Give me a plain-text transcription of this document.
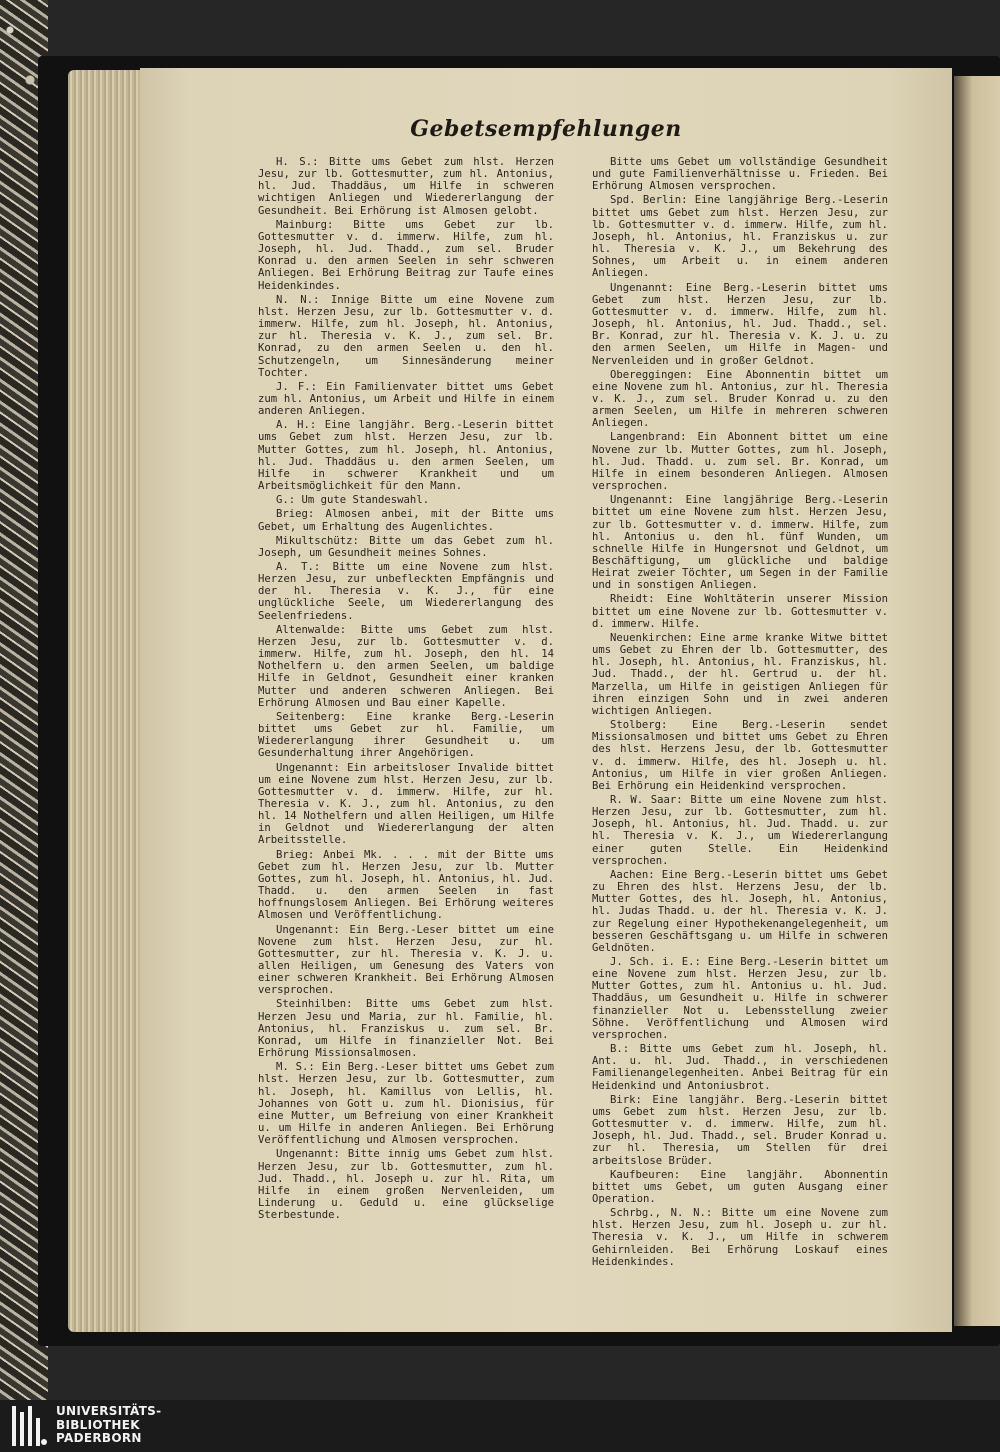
Gebetsempfehlungen

H. S.: Bitte ums Gebet zum hlst. Herzen Jesu, zur lb. Gottesmutter, zum hl. Antonius, hl. Jud. Thaddäus, um Hilfe in schweren wichtigen Anliegen und Wiedererlangung der Gesundheit. Bei Erhörung ist Almosen gelobt.

Mainburg: Bitte ums Gebet zur lb. Gottesmutter v. d. immerw. Hilfe, zum hl. Joseph, hl. Jud. Thadd., zum sel. Bruder Konrad u. den armen Seelen in sehr schweren Anliegen. Bei Erhörung Beitrag zur Taufe eines Heidenkindes.

N. N.: Innige Bitte um eine Novene zum hlst. Herzen Jesu, zur lb. Gottesmutter v. d. immerw. Hilfe, zum hl. Joseph, hl. Antonius, zur hl. Theresia v. K. J., zum sel. Br. Konrad, zu den armen Seelen u. den hl. Schutzengeln, um Sinnesänderung meiner Tochter.

J. F.: Ein Familienvater bittet ums Gebet zum hl. Antonius, um Arbeit und Hilfe in einem anderen Anliegen.

A. H.: Eine langjähr. Berg.-Leserin bittet ums Gebet zum hlst. Herzen Jesu, zur lb. Mutter Gottes, zum hl. Joseph, hl. Antonius, hl. Jud. Thaddäus u. den armen Seelen, um Hilfe in schwerer Krankheit und um Arbeitsmöglichkeit für den Mann.

G.: Um gute Standeswahl.

Brieg: Almosen anbei, mit der Bitte ums Gebet, um Erhaltung des Augenlichtes.

Mikultschütz: Bitte um das Gebet zum hl. Joseph, um Gesundheit meines Sohnes.

A. T.: Bitte um eine Novene zum hlst. Herzen Jesu, zur unbefleckten Empfängnis und der hl. Theresia v. K. J., für eine unglückliche Seele, um Wiedererlangung des Seelenfriedens.

Altenwalde: Bitte ums Gebet zum hlst. Herzen Jesu, zur lb. Gottesmutter v. d. immerw. Hilfe, zum hl. Joseph, den hl. 14 Nothelfern u. den armen Seelen, um baldige Hilfe in Geldnot, Gesundheit einer kranken Mutter und anderen schweren Anliegen. Bei Erhörung Almosen und Bau einer Kapelle.

Seitenberg: Eine kranke Berg.-Leserin bittet ums Gebet zur hl. Familie, um Wiedererlangung ihrer Gesundheit u. um Gesunderhaltung ihrer Angehörigen.

Ungenannt: Ein arbeitsloser Invalide bittet um eine Novene zum hlst. Herzen Jesu, zur lb. Gottesmutter v. d. immerw. Hilfe, zur hl. Theresia v. K. J., zum hl. Antonius, zu den hl. 14 Nothelfern und allen Heiligen, um Hilfe in Geldnot und Wiedererlangung der alten Arbeitsstelle.

Brieg: Anbei Mk. . . . mit der Bitte ums Gebet zum hl. Herzen Jesu, zur lb. Mutter Gottes, zum hl. Joseph, hl. Antonius, hl. Jud. Thadd. u. den armen Seelen in fast hoffnungslosem Anliegen. Bei Erhörung weiteres Almosen und Veröffentlichung.

Ungenannt: Ein Berg.-Leser bittet um eine Novene zum hlst. Herzen Jesu, zur hl. Gottesmutter, zur hl. Theresia v. K. J. u. allen Heiligen, um Genesung des Vaters von einer schweren Krankheit. Bei Erhörung Almosen versprochen.

Steinhilben: Bitte ums Gebet zum hlst. Herzen Jesu und Maria, zur hl. Familie, hl. Antonius, hl. Franziskus u. zum sel. Br. Konrad, um Hilfe in finanzieller Not. Bei Erhörung Missionsalmosen.

M. S.: Ein Berg.-Leser bittet ums Gebet zum hlst. Herzen Jesu, zur lb. Gottesmutter, zum hl. Joseph, hl. Kamillus von Lellis, hl. Johannes von Gott u. zum hl. Dionisius, für eine Mutter, um Befreiung von einer Krankheit u. um Hilfe in anderen Anliegen. Bei Erhörung Veröffentlichung und Almosen versprochen.

Ungenannt: Bitte innig ums Gebet zum hlst. Herzen Jesu, zur lb. Gottesmutter, zum hl. Jud. Thadd., hl. Joseph u. zur hl. Rita, um Hilfe in einem großen Nervenleiden, um Linderung u. Geduld u. eine glückselige Sterbestunde.

Bitte ums Gebet um vollständige Gesundheit und gute Familienverhältnisse u. Frieden. Bei Erhörung Almosen versprochen.

Spd. Berlin: Eine langjährige Berg.-Leserin bittet ums Gebet zum hlst. Herzen Jesu, zur lb. Gottesmutter v. d. immerw. Hilfe, zum hl. Joseph, hl. Antonius, hl. Franziskus u. zur hl. Theresia v. K. J., um Bekehrung des Sohnes, um Arbeit u. in einem anderen Anliegen.

Ungenannt: Eine Berg.-Leserin bittet ums Gebet zum hlst. Herzen Jesu, zur lb. Gottesmutter v. d. immerw. Hilfe, zum hl. Joseph, hl. Antonius, hl. Jud. Thadd., sel. Br. Konrad, zur hl. Theresia v. K. J. u. zu den armen Seelen, um Hilfe in Magen- und Nervenleiden und in großer Geldnot.

Obereggingen: Eine Abonnentin bittet um eine Novene zum hl. Antonius, zur hl. Theresia v. K. J., zum sel. Bruder Konrad u. zu den armen Seelen, um Hilfe in mehreren schweren Anliegen.

Langenbrand: Ein Abonnent bittet um eine Novene zur lb. Mutter Gottes, zum hl. Joseph, hl. Jud. Thadd. u. zum sel. Br. Konrad, um Hilfe in einem besonderen Anliegen. Almosen versprochen.

Ungenannt: Eine langjährige Berg.-Leserin bittet um eine Novene zum hlst. Herzen Jesu, zur lb. Gottesmutter v. d. immerw. Hilfe, zum hl. Antonius u. den hl. fünf Wunden, um schnelle Hilfe in Hungersnot und Geldnot, um Beschäftigung, um glückliche und baldige Heirat zweier Töchter, um Segen in der Familie und in sonstigen Anliegen.

Rheidt: Eine Wohltäterin unserer Mission bittet um eine Novene zur lb. Gottesmutter v. d. immerw. Hilfe.

Neuenkirchen: Eine arme kranke Witwe bittet ums Gebet zu Ehren der lb. Gottesmutter, des hl. Joseph, hl. Antonius, hl. Franziskus, hl. Jud. Thadd., der hl. Gertrud u. der hl. Marzella, um Hilfe in geistigen Anliegen für ihren einzigen Sohn und in zwei anderen wichtigen Anliegen.

Stolberg: Eine Berg.-Leserin sendet Missionsalmosen und bittet ums Gebet zu Ehren des hlst. Herzens Jesu, der lb. Gottesmutter v. d. immerw. Hilfe, des hl. Joseph u. hl. Antonius, um Hilfe in vier großen Anliegen. Bei Erhörung ein Heidenkind versprochen.

R. W. Saar: Bitte um eine Novene zum hlst. Herzen Jesu, zur lb. Gottesmutter, zum hl. Joseph, hl. Antonius, hl. Jud. Thadd. u. zur hl. Theresia v. K. J., um Wiedererlangung einer guten Stelle. Ein Heidenkind versprochen.

Aachen: Eine Berg.-Leserin bittet ums Gebet zu Ehren des hlst. Herzens Jesu, der lb. Mutter Gottes, des hl. Joseph, hl. Antonius, hl. Judas Thadd. u. der hl. Theresia v. K. J. zur Regelung einer Hypothekenangelegenheit, um besseren Geschäftsgang u. um Hilfe in schweren Geldnöten.

J. Sch. i. E.: Eine Berg.-Leserin bittet um eine Novene zum hlst. Herzen Jesu, zur lb. Mutter Gottes, zum hl. Antonius u. hl. Jud. Thaddäus, um Gesundheit u. Hilfe in schwerer finanzieller Not u. Lebensstellung zweier Söhne. Veröffentlichung und Almosen wird versprochen.

B.: Bitte ums Gebet zum hl. Joseph, hl. Ant. u. hl. Jud. Thadd., in verschiedenen Familienangelegenheiten. Anbei Beitrag für ein Heidenkind und Antoniusbrot.

Birk: Eine langjähr. Berg.-Leserin bittet ums Gebet zum hlst. Herzen Jesu, zur lb. Gottesmutter v. d. immerw. Hilfe, zum hl. Joseph, hl. Jud. Thadd., sel. Bruder Konrad u. zur hl. Theresia, um Stellen für drei arbeitslose Brüder.

Kaufbeuren: Eine langjähr. Abonnentin bittet ums Gebet, um guten Ausgang einer Operation.

Schrbg., N. N.: Bitte um eine Novene zum hlst. Herzen Jesu, zum hl. Joseph u. zur hl. Theresia v. K. J., um Hilfe in schwerem Gehirnleiden. Bei Erhörung Loskauf eines Heidenkindes.

UNIVERSITÄTS-
BIBLIOTHEK
PADERBORN
